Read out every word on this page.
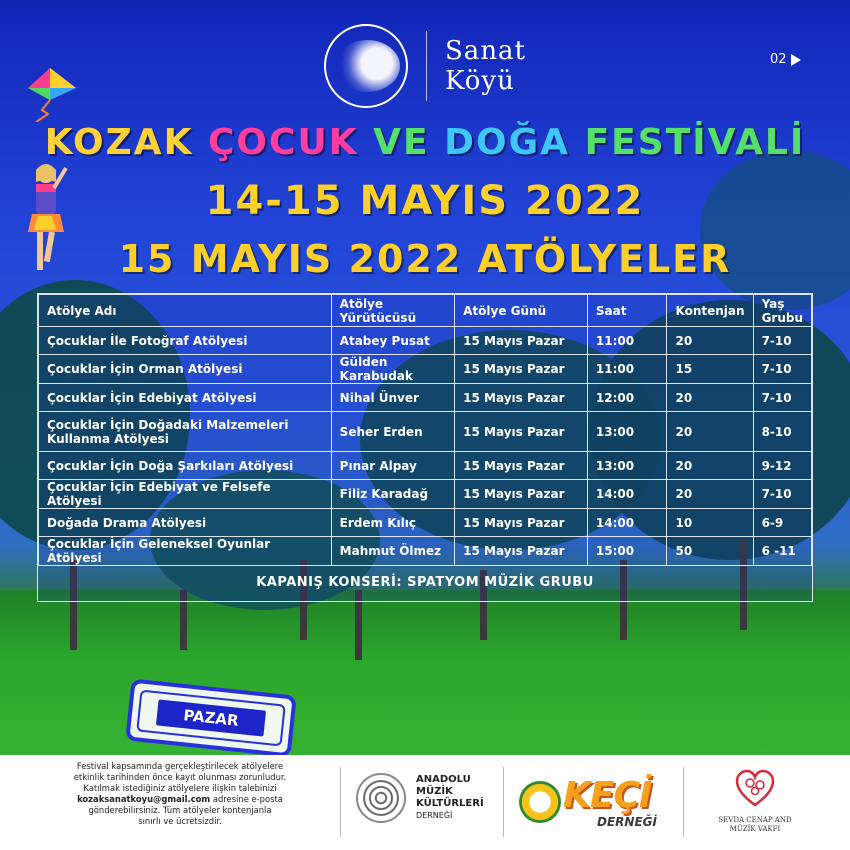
Sanat
Köyü
02
KOZAK ÇOCUK VE DOĞA FESTİVALİ
14-15 MAYIS 2022
15 MAYIS 2022 ATÖLYELER
Atölye Adı	Atölye Yürütücüsü	Atölye Günü	Saat	Kontenjan	Yaş Grubu
Çocuklar İle Fotoğraf Atölyesi	Atabey Pusat	15 Mayıs Pazar	11:00	20	7-10
Çocuklar İçin Orman Atölyesi	Gülden Karabudak	15 Mayıs Pazar	11:00	15	7-10
Çocuklar İçin Edebiyat Atölyesi	Nihal Ünver	15 Mayıs Pazar	12:00	20	7-10
Çocuklar İçin Doğadaki Malzemeleri Kullanma Atölyesi	Seher Erden	15 Mayıs Pazar	13:00	20	8-10
Çocuklar İçin Doğa Şarkıları Atölyesi	Pınar Alpay	15 Mayıs Pazar	13:00	20	9-12
Çocuklar İçin Edebiyat ve Felsefe Atölyesi	Filiz Karadağ	15 Mayıs Pazar	14:00	20	7-10
Doğada Drama Atölyesi	Erdem Kılıç	15 Mayıs Pazar	14:00	10	6-9
Çocuklar İçin Geleneksel Oyunlar Atölyesi	Mahmut Ölmez	15 Mayıs Pazar	15:00	50	6 -11
KAPANIŞ KONSERİ: SPATYOM MÜZİK GRUBU
PAZAR
Festival kapsamında gerçekleştirilecek atölyelere
etkinlik tarihinden önce kayıt olunması zorunludur.
Katılmak istediğiniz atölyelere ilişkin talebinizi
kozaksanatkoyu@gmail.com adresine e-posta
gönderebilirsiniz. Tüm atölyeler kontenjanla
sınırlı ve ücretsizdir.
ANADOLU
MÜZİK
KÜLTÜRLERİ
DERNEĞİ	KEÇİ
DERNEĞİ	SEVDA CENAP AND
MÜZİK VAKFI
